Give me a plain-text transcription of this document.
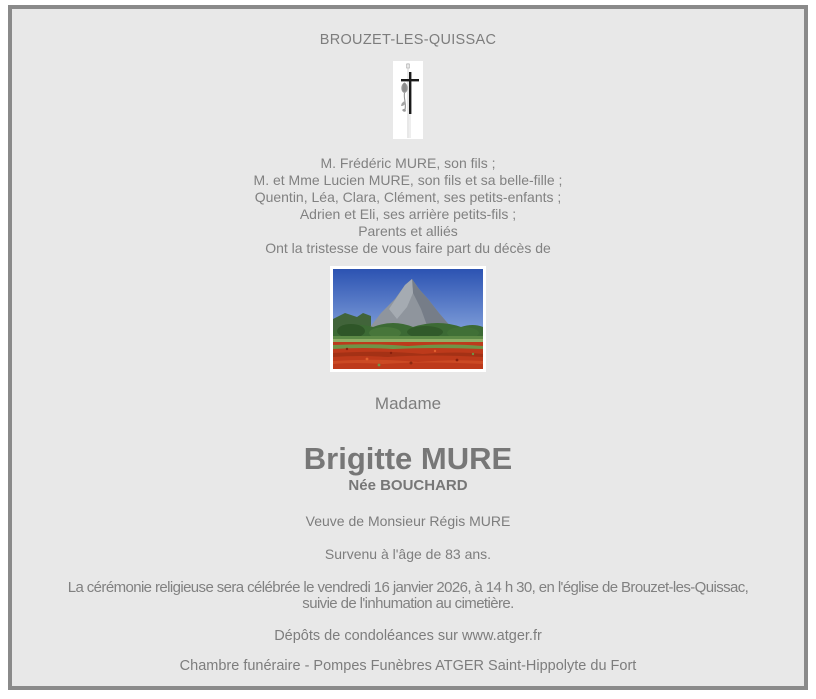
BROUZET-LES-QUISSAC
M. Frédéric MURE, son fils ;
M. et Mme Lucien MURE, son fils et sa belle-fille ;
Quentin, Léa, Clara, Clément, ses petits-enfants ;
Adrien et Eli, ses arrière petits-fils ;
Parents et alliés
Ont la tristesse de vous faire part du décès de
Madame
Brigitte MURE
Née BOUCHARD
Veuve de Monsieur Régis MURE
Survenu à l'âge de 83 ans.
La cérémonie religieuse sera célébrée le vendredi 16 janvier 2026, à 14 h 30, en l'église de Brouzet-les-Quissac,
suivie de l'inhumation au cimetière.
Dépôts de condoléances sur www.atger.fr
Chambre funéraire - Pompes Funèbres ATGER Saint-Hippolyte du Fort
